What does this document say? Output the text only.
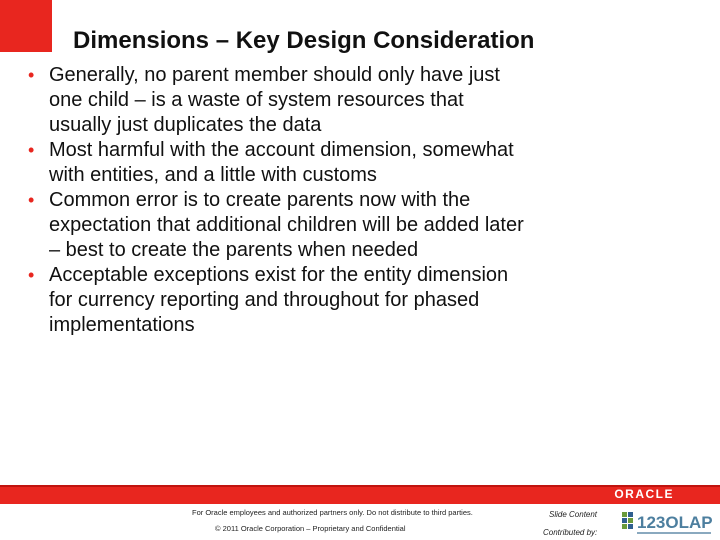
Dimensions – Key Design Consideration
• Generally, no parent member should only have just
one child – is a waste of system resources that
usually just duplicates the data
• Most harmful with the account dimension, somewhat
with entities, and a little with customs
• Common error is to create parents now with the
expectation that additional children will be added later
– best to create the parents when needed
• Acceptable exceptions exist for the entity dimension
for currency reporting and throughout for phased
implementations
ORACLE
For Oracle employees and authorized partners only. Do not distribute to third parties.
© 2011 Oracle Corporation – Proprietary and Confidential
Slide Content
Contributed by:
123OLAP
